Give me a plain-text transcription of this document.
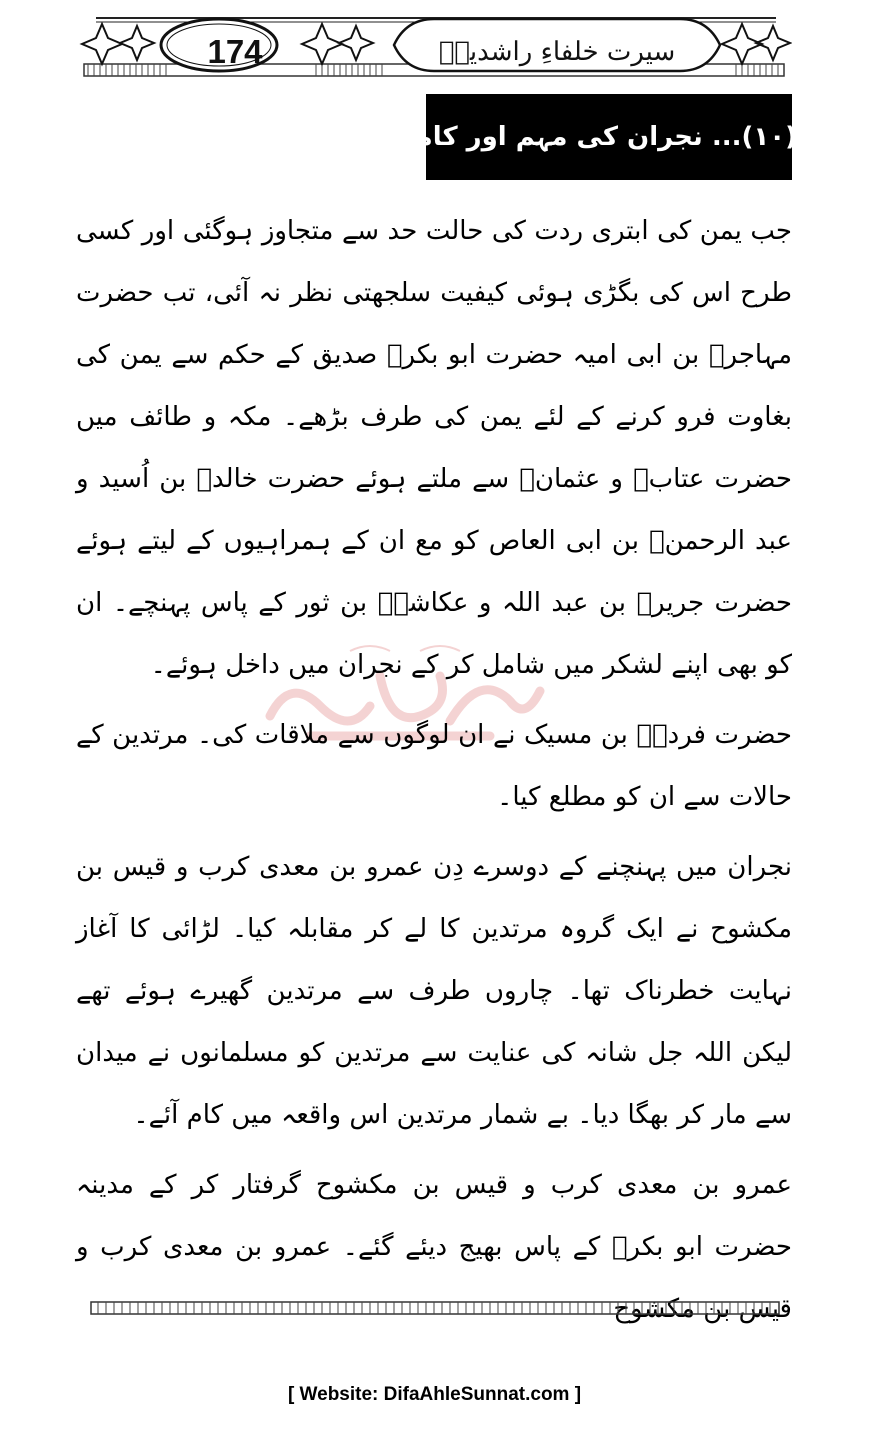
174	سیرت خلفاءِ راشدینؓ
مہم (۱۰)... نجران کی مہم اور کامیابی

جب یمن کی ابتری ردت کی حالت حد سے متجاوز ہوگئی اور کسی طرح اس کی بگڑی ہوئی کیفیت سلجھتی نظر نہ آئی، تب حضرت مہاجرؓ بن ابی امیہ حضرت ابو بکرؓ صدیق کے حکم سے یمن کی بغاوت فرو کرنے کے لئے یمن کی طرف بڑھے۔ مکہ و طائف میں حضرت عتابؓ و عثمانؓ سے ملتے ہوئے حضرت خالدؓ بن اُسید و عبد الرحمنؓ بن ابی العاص کو مع ان کے ہمراہیوں کے لیتے ہوئے حضرت جریرؓ بن عبد اللہ و عکاشہؓ بن ثور کے پاس پہنچے۔ ان کو بھی اپنے لشکر میں شامل کر کے نجران میں داخل ہوئے۔

حضرت فردہؓ بن مسیک نے ان لوگوں سے ملاقات کی۔ مرتدین کے حالات سے ان کو مطلع کیا۔

نجران میں پہنچنے کے دوسرے دِن عمرو بن معدی کرب و قیس بن مکشوح نے ایک گروہ مرتدین کا لے کر مقابلہ کیا۔ لڑائی کا آغاز نہایت خطرناک تھا۔ چاروں طرف سے مرتدین گھیرے ہوئے تھے لیکن اللہ جل شانہ کی عنایت سے مرتدین کو مسلمانوں نے میدان سے مار کر بھگا دیا۔ بے شمار مرتدین اس واقعہ میں کام آئے۔

عمرو بن معدی کرب و قیس بن مکشوح گرفتار کر کے مدینہ حضرت ابو بکرؓ کے پاس بھیج دیئے گئے۔ عمرو بن معدی کرب و قیس بن مکشوح

[ Website: DifaAhleSunnat.com ]
